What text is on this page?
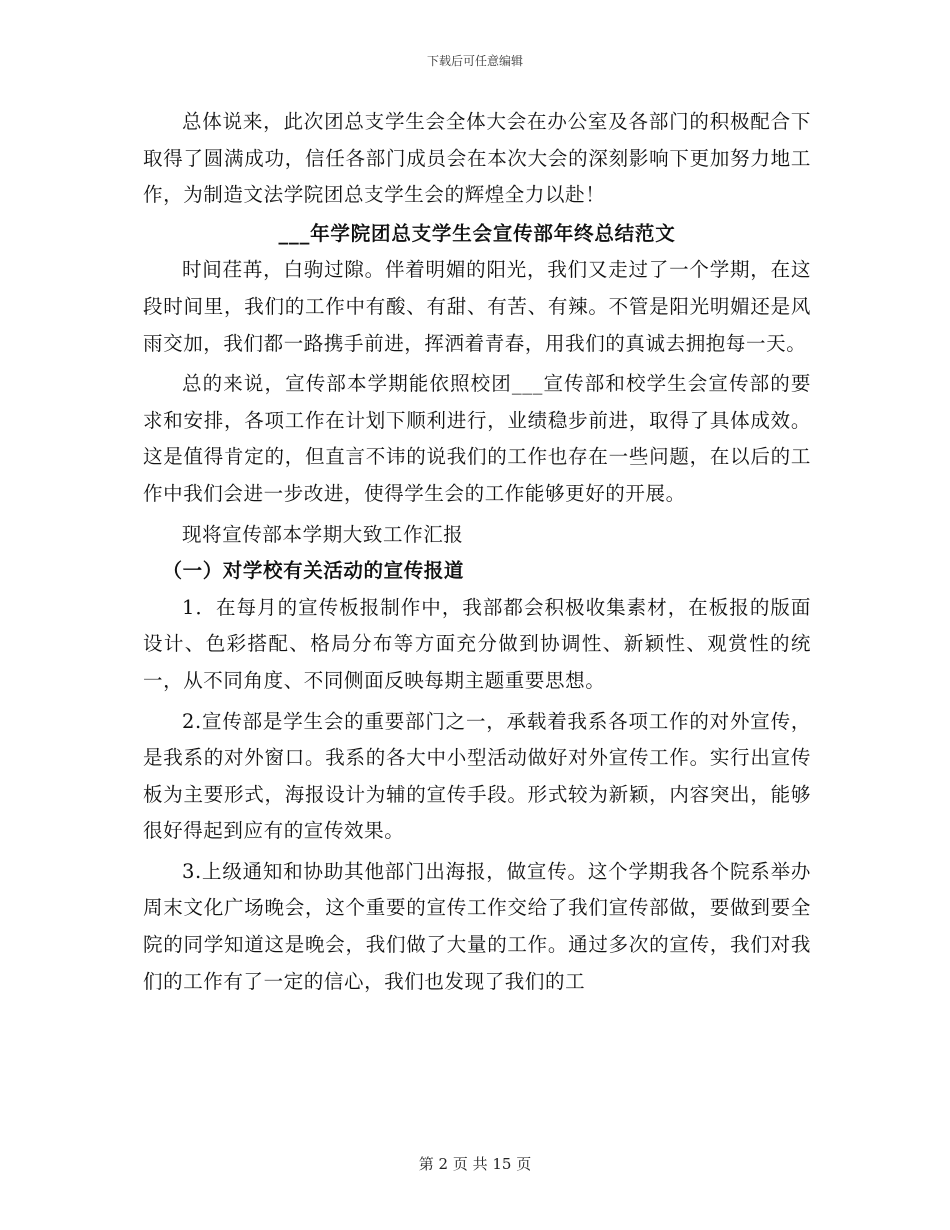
下载后可任意编辑

总体说来，此次团总支学生会全体大会在办公室及各部门的积极配合下取得了圆满成功，信任各部门成员会在本次大会的深刻影响下更加努力地工作，为制造文法学院团总支学生会的辉煌全力以赴！

___年学院团总支学生会宣传部年终总结范文

时间荏苒，白驹过隙。伴着明媚的阳光，我们又走过了一个学期，在这段时间里，我们的工作中有酸、有甜、有苦、有辣。不管是阳光明媚还是风雨交加，我们都一路携手前进，挥洒着青春，用我们的真诚去拥抱每一天。

总的来说，宣传部本学期能依照校团___宣传部和校学生会宣传部的要求和安排，各项工作在计划下顺利进行，业绩稳步前进，取得了具体成效。这是值得肯定的，但直言不讳的说我们的工作也存在一些问题，在以后的工作中我们会进一步改进，使得学生会的工作能够更好的开展。

现将宣传部本学期大致工作汇报

（一）对学校有关活动的宣传报道

1．在每月的宣传板报制作中，我部都会积极收集素材，在板报的版面设计、色彩搭配、格局分布等方面充分做到协调性、新颖性、观赏性的统一，从不同角度、不同侧面反映每期主题重要思想。

2.宣传部是学生会的重要部门之一，承载着我系各项工作的对外宣传，是我系的对外窗口。我系的各大中小型活动做好对外宣传工作。实行出宣传板为主要形式，海报设计为辅的宣传手段。形式较为新颖，内容突出，能够很好得起到应有的宣传效果。

3.上级通知和协助其他部门出海报，做宣传。这个学期我各个院系举办周末文化广场晚会，这个重要的宣传工作交给了我们宣传部做，要做到要全院的同学知道这是晚会，我们做了大量的工作。通过多次的宣传，我们对我们的工作有了一定的信心，我们也发现了我们的工

第 2 页 共 15 页
